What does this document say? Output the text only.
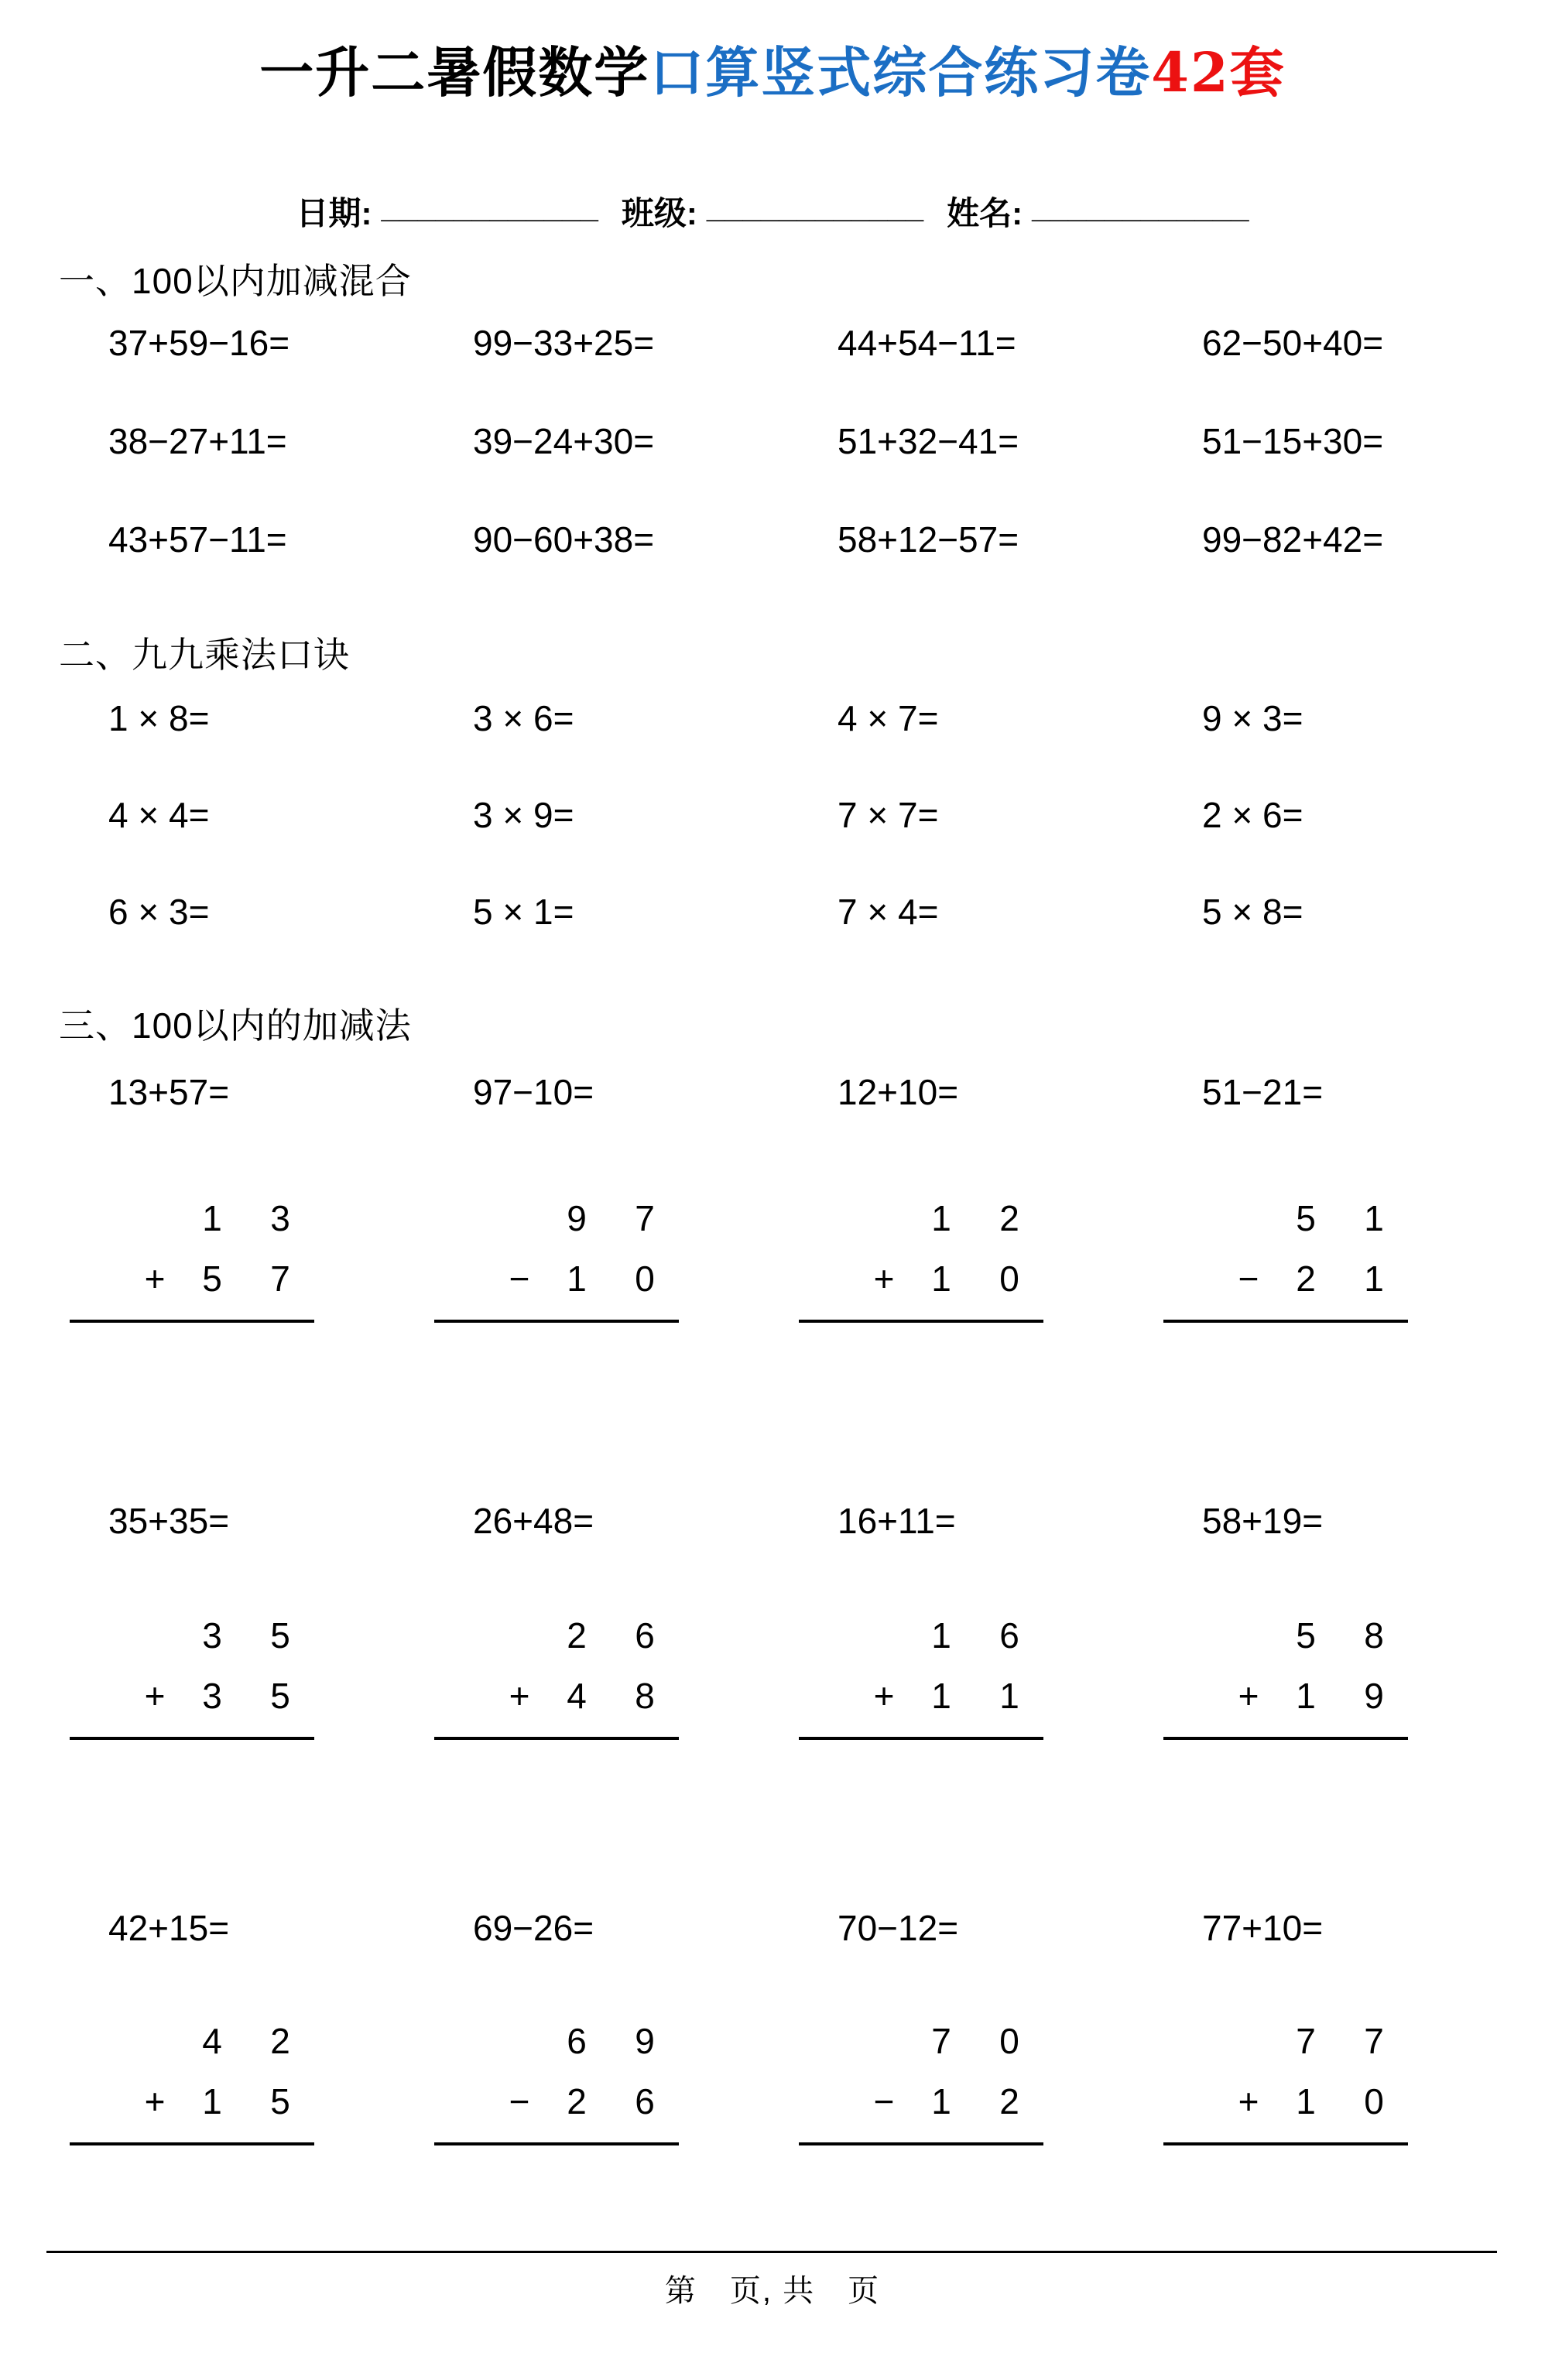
一升二暑假数学口算竖式综合练习卷42套
日期: ____________ 班级: ____________ 姓名: ____________
一、100以内加减混合
37+59−16=	99−33+25=	44+54−11=	62−50+40=
38−27+11=	39−24+30=	51+32−41=	51−15+30=
43+57−11=	90−60+38=	58+12−57=	99−82+42=
二、九九乘法口诀
1 × 8=	3 × 6=	4 × 7=	9 × 3=
4 × 4=	3 × 9=	7 × 7=	2 × 6=
6 × 3=	5 × 1=	7 × 4=	5 × 8=
三、100以内的加减法
13+57=	97−10=	12+10=	51−21=
1 3
+ 5 7
9 7
− 1 0
1 2
+ 1 0
5 1
− 2 1
35+35=	26+48=	16+11=	58+19=
3 5
+ 3 5
2 6
+ 4 8
1 6
+ 1 1
5 8
+ 1 9
42+15=	69−26=	70−12=	77+10=
4 2
+ 1 5
6 9
− 2 6
7 0
− 1 2
7 7
+ 1 0
第　页, 共　页
